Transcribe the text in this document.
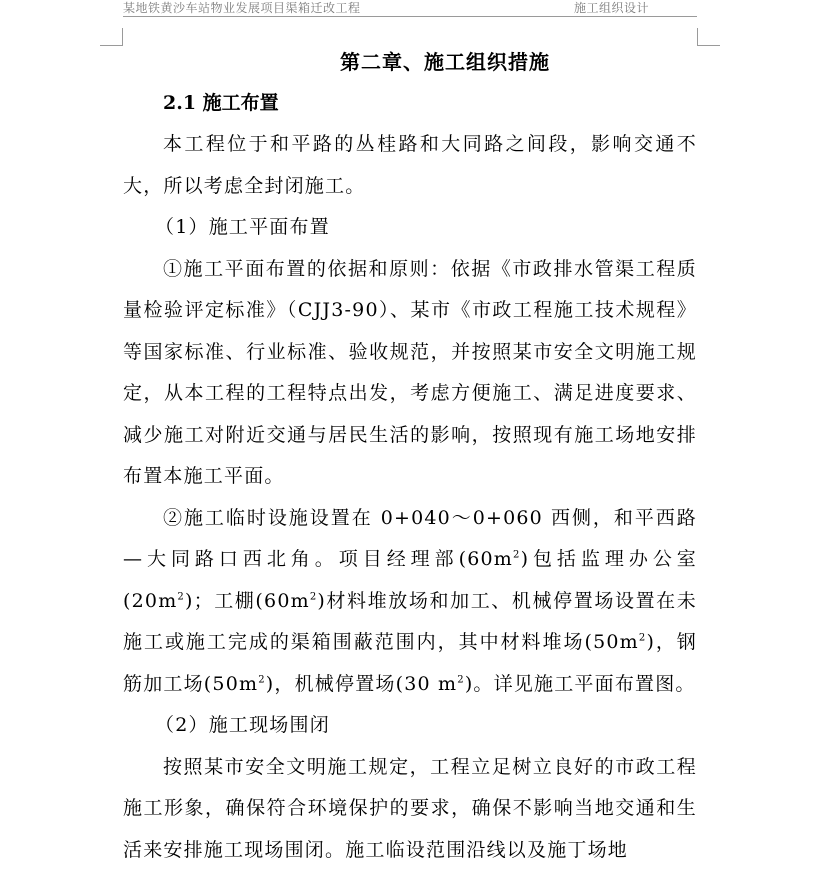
某地铁黄沙车站物业发展项目渠箱迁改工程	施工组织设计
第二章、施工组织措施
2.1 施工布置

本工程位于和平路的丛桂路和大同路之间段，影响交通不大，所以考虑全封闭施工。

（1）施工平面布置

①施工平面布置的依据和原则：依据《市政排水管渠工程质量检验评定标准》（CJJ3-90）、某市《市政工程施工技术规程》等国家标准、行业标准、验收规范，并按照某市安全文明施工规定，从本工程的工程特点出发，考虑方便施工、满足进度要求、减少施工对附近交通与居民生活的影响，按照现有施工场地安排布置本施工平面。

②施工临时设施设置在 0+040～0+060 西侧，和平西路—大同路口西北角。项目经理部$(60m^2)$包括监理办公室$(20m^2)$；工棚$(60m^2)$材料堆放场和加工、机械停置场设置在未施工或施工完成的渠箱围蔽范围内，其中材料堆场$(50m^2)$，钢筋加工场$(50m^2)$，机械停置场(30 $m^2$)。详见施工平面布置图。

（2）施工现场围闭

按照某市安全文明施工规定，工程立足树立良好的市政工程施工形象，确保符合环境保护的要求，确保不影响当地交通和生活来安排施工现场围闭。施工临设范围沿线以及施丁场地
